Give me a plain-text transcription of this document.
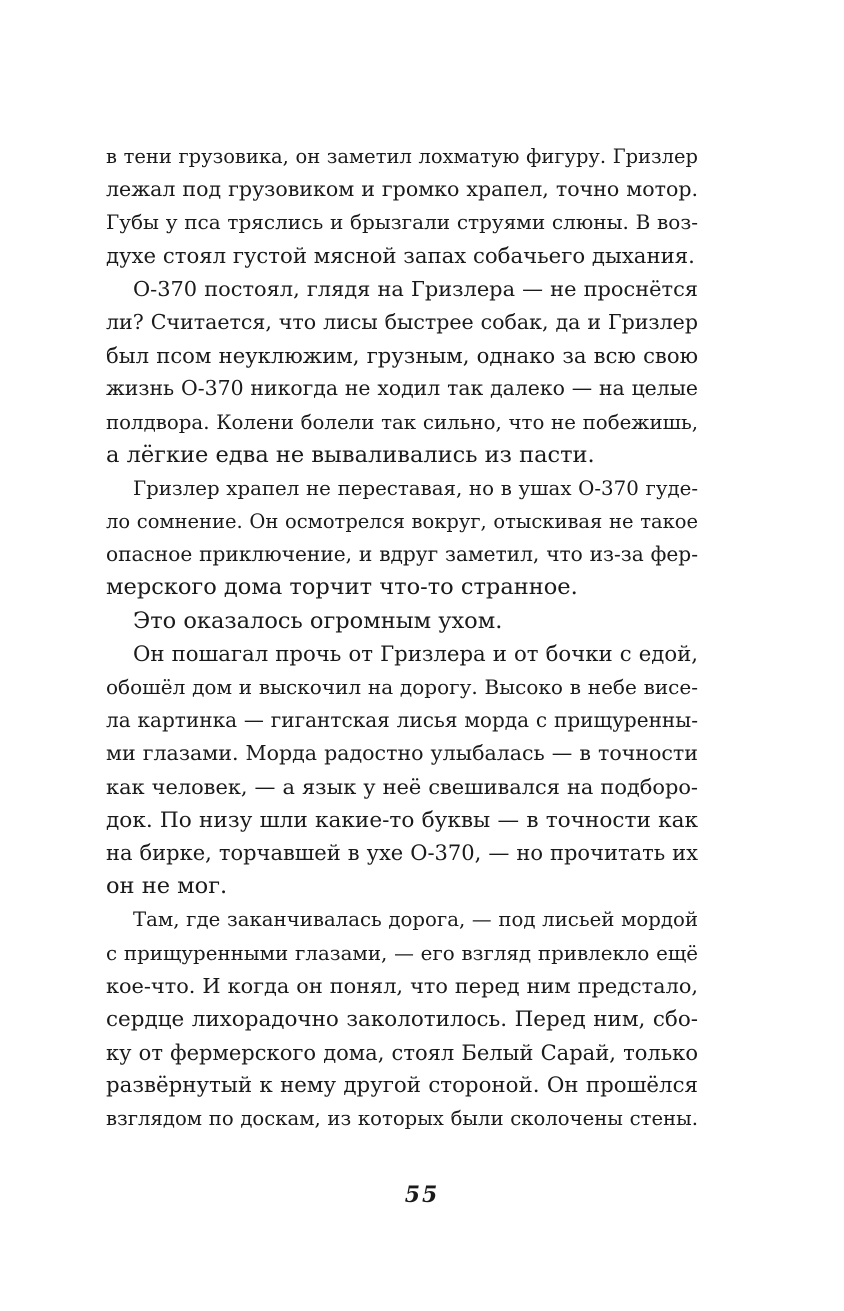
в тени грузовика, он заметил лохматую фигуру. Гризлер
лежал под грузовиком и громко храпел, точно мотор.
Губы у пса тряслись и брызгали струями слюны. В воз-
духе стоял густой мясной запах собачьего дыхания.
О-370 постоял, глядя на Гризлера — не проснётся
ли? Считается, что лисы быстрее собак, да и Гризлер
был псом неуклюжим, грузным, однако за всю свою
жизнь О-370 никогда не ходил так далеко — на целые
полдвора. Колени болели так сильно, что не побежишь,
а лёгкие едва не вываливались из пасти.
Гризлер храпел не переставая, но в ушах О-370 гуде-
ло сомнение. Он осмотрелся вокруг, отыскивая не такое
опасное приключение, и вдруг заметил, что из-за фер-
мерского дома торчит что-то странное.
Это оказалось огромным ухом.
Он пошагал прочь от Гризлера и от бочки с едой,
обошёл дом и выскочил на дорогу. Высоко в небе висе-
ла картинка — гигантская лисья морда с прищуренны-
ми глазами. Морда радостно улыбалась — в точности
как человек, — а язык у неё свешивался на подборо-
док. По низу шли какие-то буквы — в точности как
на бирке, торчавшей в ухе О-370, — но прочитать их
он не мог.
Там, где заканчивалась дорога, — под лисьей мордой
с прищуренными глазами, — его взгляд привлекло ещё
кое-что. И когда он понял, что перед ним предстало,
сердце лихорадочно заколотилось. Перед ним, сбо-
ку от фермерского дома, стоял Белый Сарай, только
развёрнутый к нему другой стороной. Он прошёлся
взглядом по доскам, из которых были сколочены стены.
55
